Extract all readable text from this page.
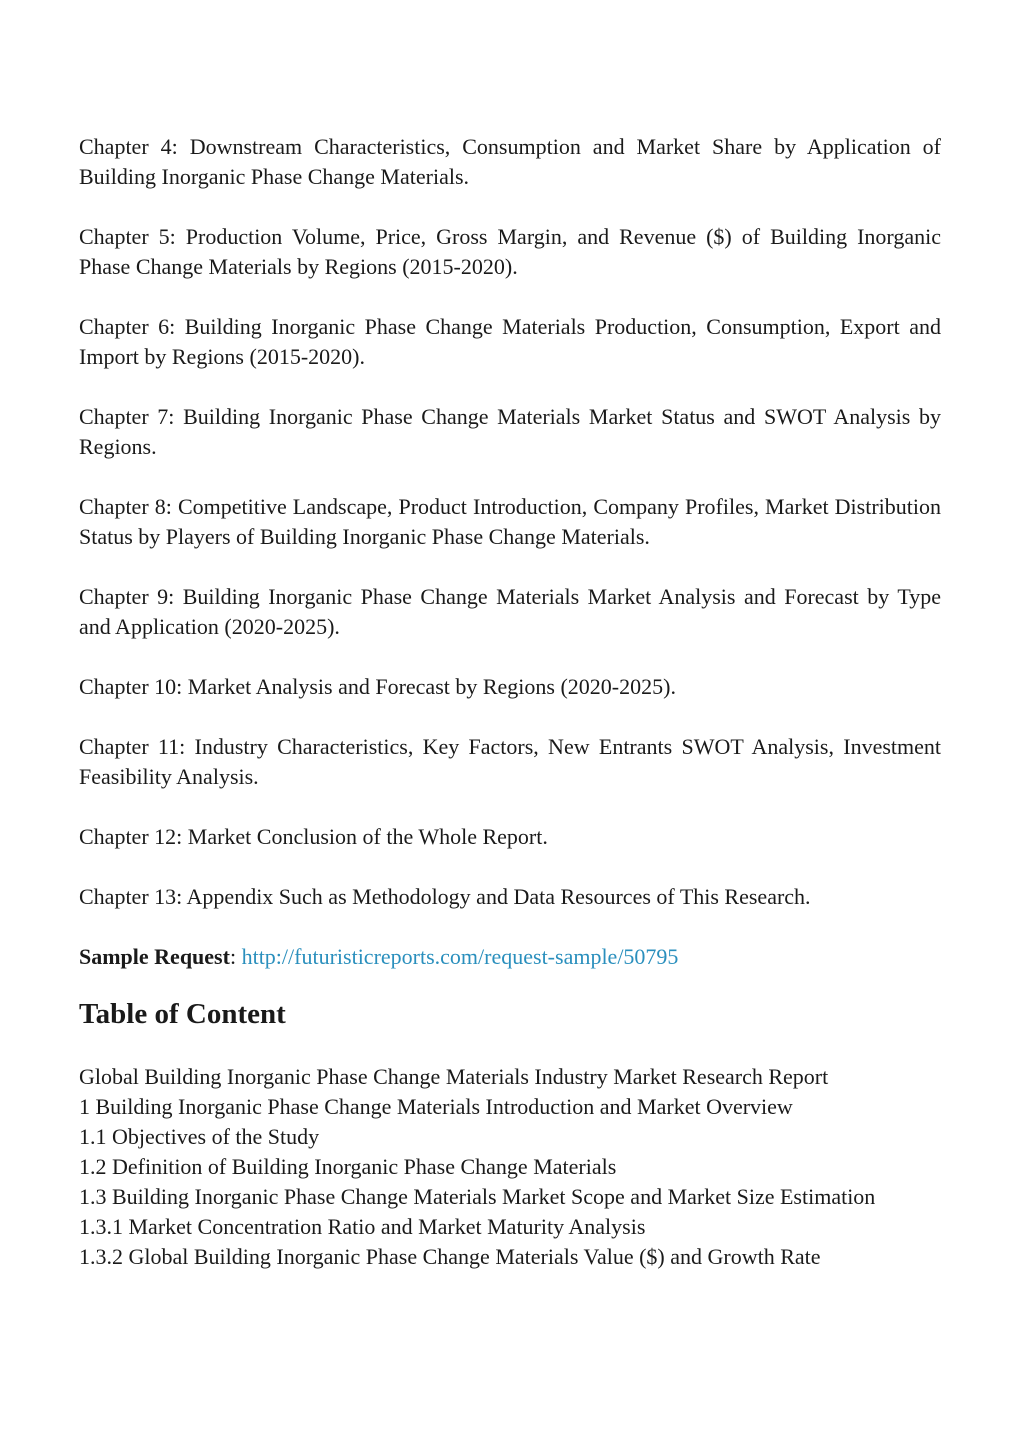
Chapter 4: Downstream Characteristics, Consumption and Market Share by Application of Building Inorganic Phase Change Materials.

Chapter 5: Production Volume, Price, Gross Margin, and Revenue ($) of Building Inorganic Phase Change Materials by Regions (2015-2020).

Chapter 6: Building Inorganic Phase Change Materials Production, Consumption, Export and Import by Regions (2015-2020).

Chapter 7: Building Inorganic Phase Change Materials Market Status and SWOT Analysis by Regions.

Chapter 8: Competitive Landscape, Product Introduction, Company Profiles, Market Distribution Status by Players of Building Inorganic Phase Change Materials.

Chapter 9: Building Inorganic Phase Change Materials Market Analysis and Forecast by Type and Application (2020-2025).

Chapter 10: Market Analysis and Forecast by Regions (2020-2025).

Chapter 11: Industry Characteristics, Key Factors, New Entrants SWOT Analysis, Investment Feasibility Analysis.

Chapter 12: Market Conclusion of the Whole Report.

Chapter 13: Appendix Such as Methodology and Data Resources of This Research.

Sample Request: http://futuristicreports.com/request-sample/50795

Table of Content

Global Building Inorganic Phase Change Materials Industry Market Research Report

1 Building Inorganic Phase Change Materials Introduction and Market Overview

1.1 Objectives of the Study

1.2 Definition of Building Inorganic Phase Change Materials

1.3 Building Inorganic Phase Change Materials Market Scope and Market Size Estimation

1.3.1 Market Concentration Ratio and Market Maturity Analysis

1.3.2 Global Building Inorganic Phase Change Materials Value ($) and Growth Rate
